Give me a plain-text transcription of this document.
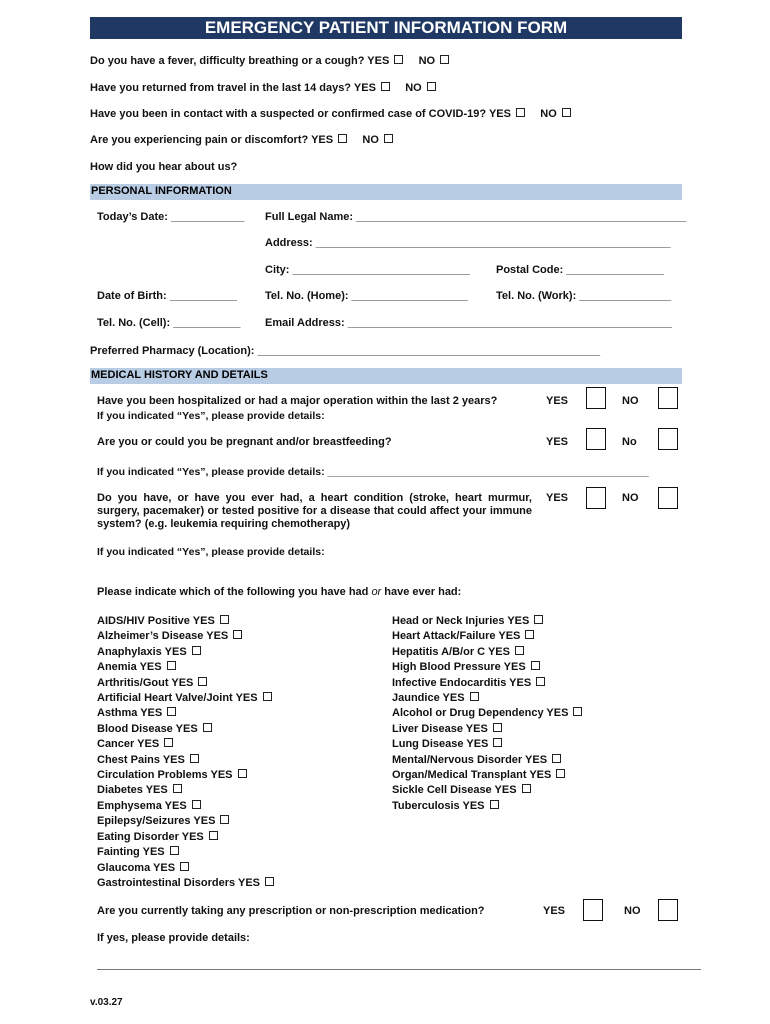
EMERGENCY PATIENT INFORMATION FORM
Do you have a fever, difficulty breathing or a cough? YES	NO
Have you returned from travel in the last 14 days? YES	NO
Have you been in contact with a suspected or confirmed case of COVID-19? YES	NO
Are you experiencing pain or discomfort? YES	NO
How did you hear about us?
PERSONAL INFORMATION
Today’s Date: ____________ Full Legal Name: ______________________________________________________
Address: __________________________________________________________
City: _____________________________ Postal Code: ________________
Date of Birth: ___________	Tel. No. (Home): ___________________	Tel. No. (Work): _______________
Tel. No. (Cell): ___________ Email Address: _____________________________________________________
Preferred Pharmacy (Location): ________________________________________________________
MEDICAL HISTORY AND DETAILS
Have you been hospitalized or had a major operation within the last 2 years?
If you indicated “Yes”, please provide details:
YES	NO
Are you or could you be pregnant and/or breastfeeding?	YES	No
If you indicated “Yes”, please provide details: _______________________________________________________
Do you have, or have you ever had, a heart condition (stroke, heart murmur, surgery, pacemaker) or tested positive for a disease that could affect your immune system? (e.g. leukemia requiring chemotherapy)
YES	NO
If you indicated “Yes”, please provide details:
Please indicate which of the following you have had or have ever had:
AIDS/HIV Positive YES
Alzheimer’s Disease YES
Anaphylaxis YES
Anemia YES
Arthritis/Gout YES
Artificial Heart Valve/Joint YES
Asthma YES
Blood Disease YES
Cancer YES
Chest Pains YES
Circulation Problems YES
Diabetes YES
Emphysema YES
Epilepsy/Seizures YES
Eating Disorder YES
Fainting YES
Glaucoma YES
Gastrointestinal Disorders YES
Head or Neck Injuries YES
Heart Attack/Failure YES
Hepatitis A/B/or C YES
High Blood Pressure YES
Infective Endocarditis YES
Jaundice YES
Alcohol or Drug Dependency YES
Liver Disease YES
Lung Disease YES
Mental/Nervous Disorder YES
Organ/Medical Transplant YES
Sickle Cell Disease YES
Tuberculosis YES
Are you currently taking any prescription or non-prescription medication?	YES	NO
If yes, please provide details:
v.03.27
